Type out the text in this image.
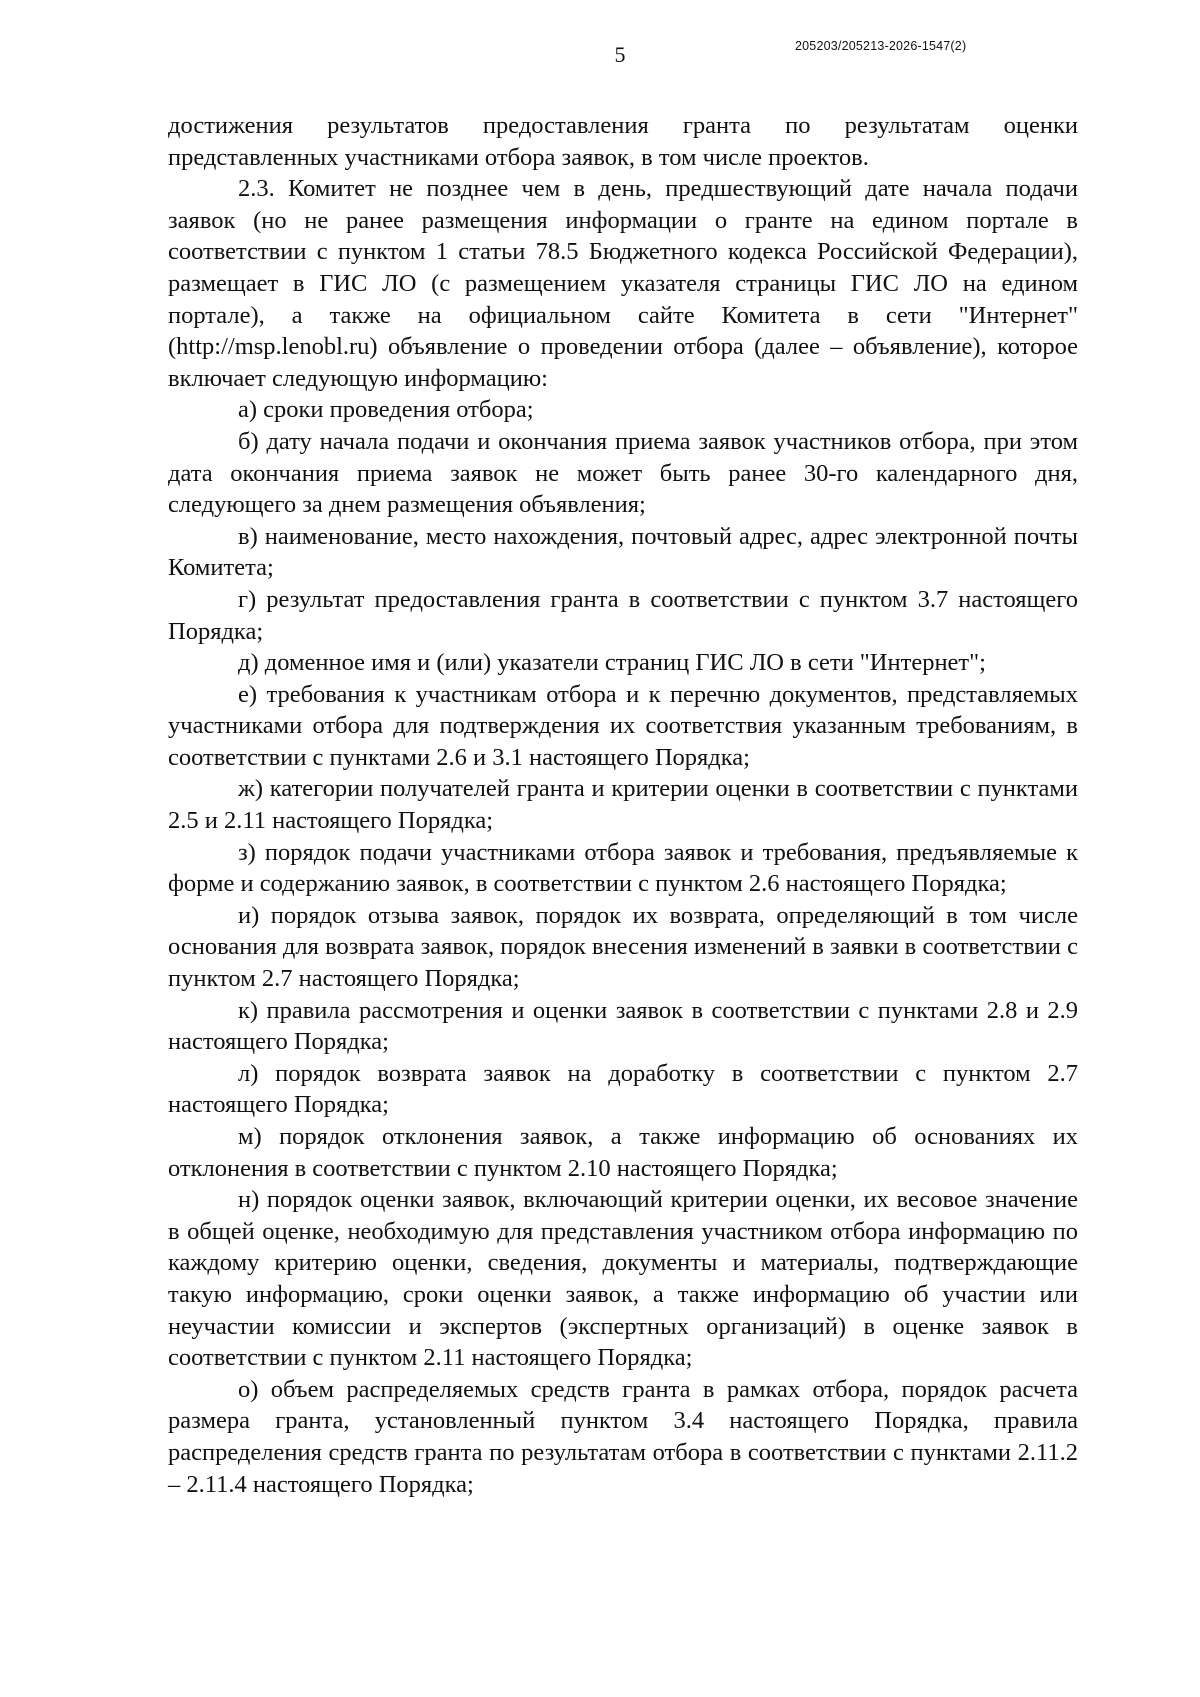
5	205203/205213-2026-1547(2)

достижения результатов предоставления гранта по результатам оценки представленных участниками отбора заявок, в том числе проектов.

2.3. Комитет не позднее чем в день, предшествующий дате начала подачи заявок (но не ранее размещения информации о гранте на едином портале в соответствии с пунктом 1 статьи 78.5 Бюджетного кодекса Российской Федерации), размещает в ГИС ЛО (с размещением указателя страницы ГИС ЛО на едином портале), а также на официальном сайте Комитета в сети "Интернет" (http://msp.lenobl.ru) объявление о проведении отбора (далее – объявление), которое включает следующую информацию:

а) сроки проведения отбора;

б) дату начала подачи и окончания приема заявок участников отбора, при этом дата окончания приема заявок не может быть ранее 30-го календарного дня, следующего за днем размещения объявления;

в) наименование, место нахождения, почтовый адрес, адрес электронной почты Комитета;

г) результат предоставления гранта в соответствии с пунктом 3.7 настоящего Порядка;

д) доменное имя и (или) указатели страниц ГИС ЛО в сети "Интернет";

е) требования к участникам отбора и к перечню документов, представляемых участниками отбора для подтверждения их соответствия указанным требованиям, в соответствии с пунктами 2.6 и 3.1 настоящего Порядка;

ж) категории получателей гранта и критерии оценки в соответствии с пунктами 2.5 и 2.11 настоящего Порядка;

з) порядок подачи участниками отбора заявок и требования, предъявляемые к форме и содержанию заявок, в соответствии с пунктом 2.6 настоящего Порядка;

и) порядок отзыва заявок, порядок их возврата, определяющий в том числе основания для возврата заявок, порядок внесения изменений в заявки в соответствии с пунктом 2.7 настоящего Порядка;

к) правила рассмотрения и оценки заявок в соответствии с пунктами 2.8 и 2.9 настоящего Порядка;

л) порядок возврата заявок на доработку в соответствии с пунктом 2.7 настоящего Порядка;

м) порядок отклонения заявок, а также информацию об основаниях их отклонения в соответствии с пунктом 2.10 настоящего Порядка;

н) порядок оценки заявок, включающий критерии оценки, их весовое значение в общей оценке, необходимую для представления участником отбора информацию по каждому критерию оценки, сведения, документы и материалы, подтверждающие такую информацию, сроки оценки заявок, а также информацию об участии или неучастии комиссии и экспертов (экспертных организаций) в оценке заявок в соответствии с пунктом 2.11 настоящего Порядка;

о) объем распределяемых средств гранта в рамках отбора, порядок расчета размера гранта, установленный пунктом 3.4 настоящего Порядка, правила распределения средств гранта по результатам отбора в соответствии с пунктами 2.11.2 – 2.11.4 настоящего Порядка;
